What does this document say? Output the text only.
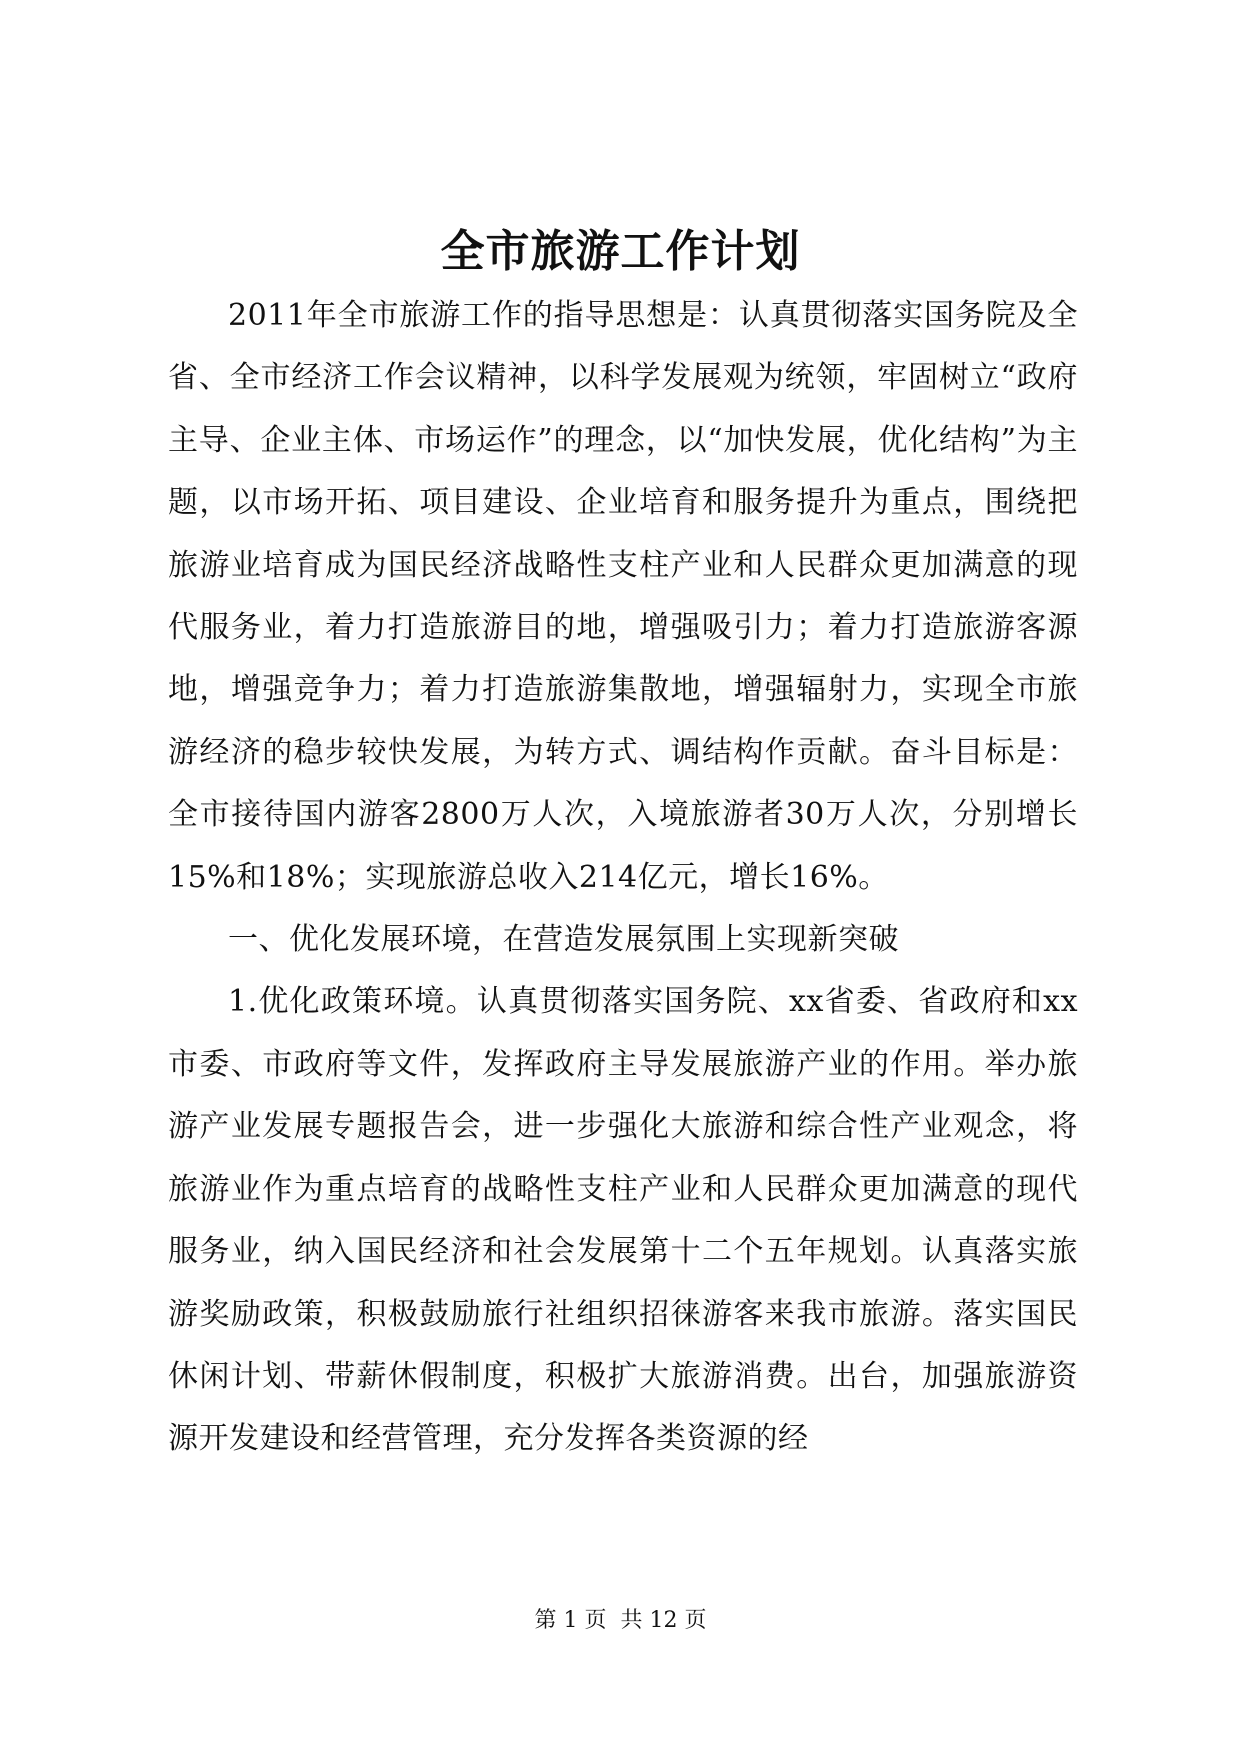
全市旅游工作计划

2011年全市旅游工作的指导思想是：认真贯彻落实国务院及全省、全市经济工作会议精神，以科学发展观为统领，牢固树立“政府主导、企业主体、市场运作”的理念，以“加快发展，优化结构”为主题，以市场开拓、项目建设、企业培育和服务提升为重点，围绕把旅游业培育成为国民经济战略性支柱产业和人民群众更加满意的现代服务业，着力打造旅游目的地，增强吸引力；着力打造旅游客源地，增强竞争力；着力打造旅游集散地，增强辐射力，实现全市旅游经济的稳步较快发展，为转方式、调结构作贡献。奋斗目标是：全市接待国内游客2800万人次，入境旅游者30万人次，分别增长15%和18%；实现旅游总收入214亿元，增长16%。

一、优化发展环境，在营造发展氛围上实现新突破

1.优化政策环境。认真贯彻落实国务院、xx省委、省政府和xx市委、市政府等文件，发挥政府主导发展旅游产业的作用。举办旅游产业发展专题报告会，进一步强化大旅游和综合性产业观念，将旅游业作为重点培育的战略性支柱产业和人民群众更加满意的现代服务业，纳入国民经济和社会发展第十二个五年规划。认真落实旅游奖励政策，积极鼓励旅行社组织招徕游客来我市旅游。落实国民休闲计划、带薪休假制度，积极扩大旅游消费。出台，加强旅游资源开发建设和经营管理，充分发挥各类资源的经

第 1 页  共 12 页
